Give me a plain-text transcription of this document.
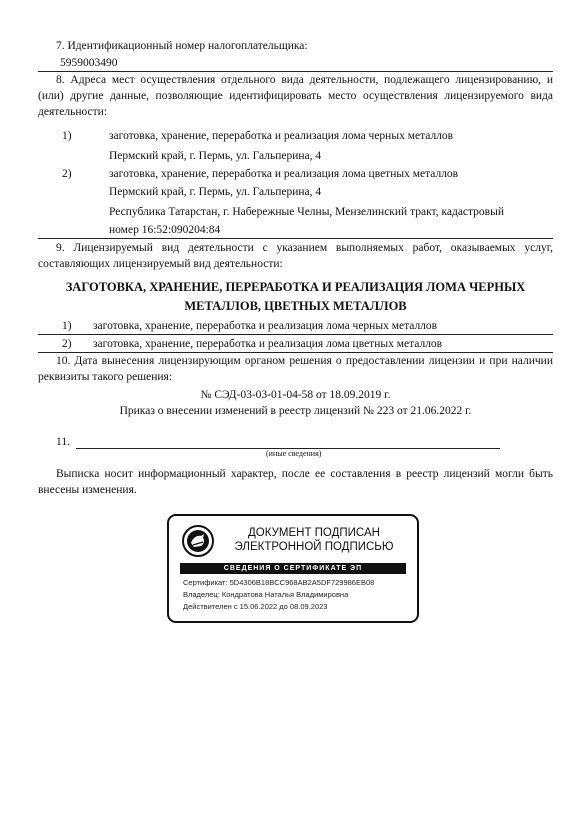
7. Идентификационный номер налогоплательщика:
5959003490
8. Адреса мест осуществления отдельного вида деятельности, подлежащего лицензированию, и (или) другие данные, позволяющие идентифицировать место осуществления лицензируемого вида деятельности:
1)	заготовка, хранение, переработка и реализация лома черных металлов
Пермский край, г. Пермь, ул. Гальперина, 4
2)	заготовка, хранение, переработка и реализация лома цветных металлов
Пермский край, г. Пермь, ул. Гальперина, 4
Республика Татарстан, г. Набережные Челны, Мензелинский тракт, кадастровый
номер 16:52:090204:84
9. Лицензируемый вид деятельности с указанием выполняемых работ, оказываемых услуг, составляющих лицензируемый вид деятельности:
ЗАГОТОВКА, ХРАНЕНИЕ, ПЕРЕРАБОТКА И РЕАЛИЗАЦИЯ ЛОМА ЧЕРНЫХ
МЕТАЛЛОВ, ЦВЕТНЫХ МЕТАЛЛОВ
1) заготовка, хранение, переработка и реализация лома черных металлов
2) заготовка, хранение, переработка и реализация лома цветных металлов
10. Дата вынесения лицензирующим органом решения о предоставлении лицензии и при наличии реквизиты такого решения:
№ СЭД-03-03-01-04-58 от 18.09.2019 г.
Приказ о внесении изменений в реестр лицензий № 223 от 21.06.2022 г.
11.
(иные сведения)
Выписка носит информационный характер, после ее составления в реестр лицензий могли быть внесены изменения.
ДОКУМЕНТ ПОДПИСАН
ЭЛЕКТРОННОЙ ПОДПИСЬЮ
СВЕДЕНИЯ О СЕРТИФИКАТЕ ЭП
Сертификат: 5D4306B18BCC968AB2A5DF729986EB08
Владелец: Кондратова Наталья Владимировна
Действителен с 15.06.2022 до 08.09.2023
